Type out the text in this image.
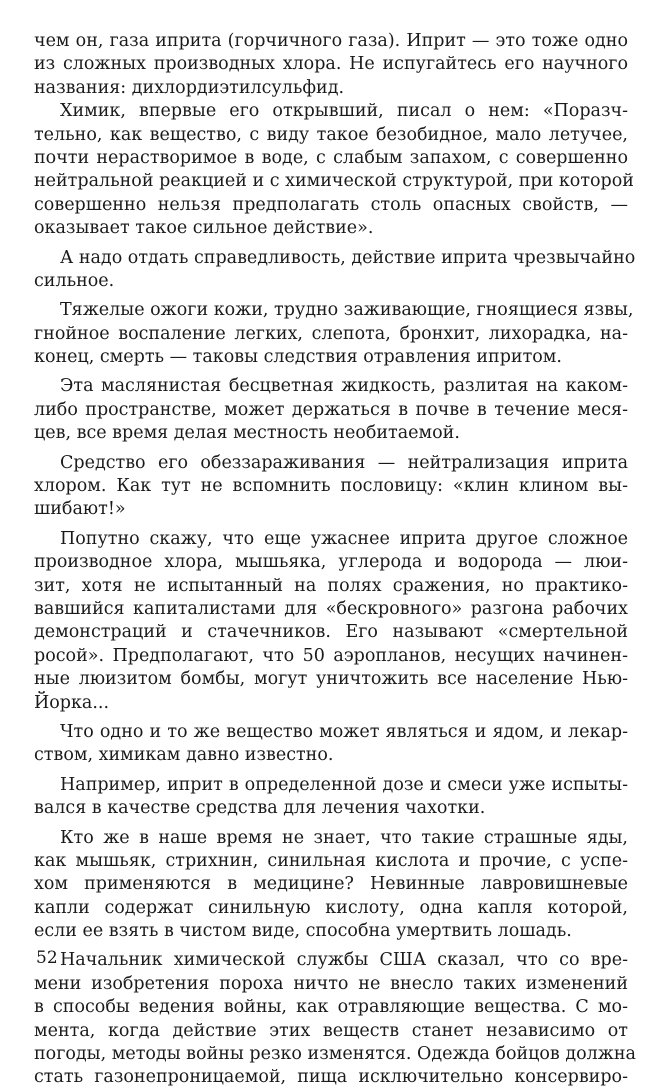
чем он, газа иприта (горчичного газа). Иприт — это тоже одно
из сложных производных хлора. Не испугайтесь его научного
названия: дихлордиэтилсульфид.
Химик, впервые его открывший, писал о нем: «Поразч-
тельно, как вещество, с виду такое безобидное, мало летучее,
почти нерастворимое в воде, с слабым запахом, с совершенно
нейтральной реакцией и с химической структурой, при которой
совершенно нельзя предполагать столь опасных свойств, —
оказывает такое сильное действие».
А надо отдать справедливость, действие иприта чрезвычайно
сильное.
Тяжелые ожоги кожи, трудно заживающие, гноящиеся язвы,
гнойное воспаление легких, слепота, бронхит, лихорадка, на-
конец, смерть — таковы следствия отравления ипритом.
Эта маслянистая бесцветная жидкость, разлитая на каком-
либо пространстве, может держаться в почве в течение меся-
цев, все время делая местность необитаемой.
Средство его обеззараживания — нейтрализация иприта
хлором. Как тут не вспомнить пословицу: «клин клином вы-
шибают!»
Попутно скажу, что еще ужаснее иприта другое сложное
производное хлора, мышьяка, углерода и водорода — люи-
зит, хотя не испытанный на полях сражения, но практико-
вавшийся капиталистами для «бескровного» разгона рабочих
демонстраций и стачечников. Его называют «смертельной
росой». Предполагают, что 50 аэропланов, несущих начинен-
ные люизитом бомбы, могут уничтожить все население Нью-
Йорка...
Что одно и то же вещество может являться и ядом, и лекар-
ством, химикам давно известно.
Например, иприт в определенной дозе и смеси уже испыты-
вался в качестве средства для лечения чахотки.
Кто же в наше время не знает, что такие страшные яды,
как мышьяк, стрихнин, синильная кислота и прочие, с успе-
хом применяются в медицине? Невинные лавровишневые
капли содержат синильную кислоту, одна капля которой,
если ее взять в чистом виде, способна умертвить лошадь.
Начальник химической службы США сказал, что со вре-
мени изобретения пороха ничто не внесло таких изменений
в способы ведения войны, как отравляющие вещества. С мо-
мента, когда действие этих веществ станет независимо от
погоды, методы войны резко изменятся. Одежда бойцов должна
стать газонепроницаемой, пища исключительно консервиро-
52
